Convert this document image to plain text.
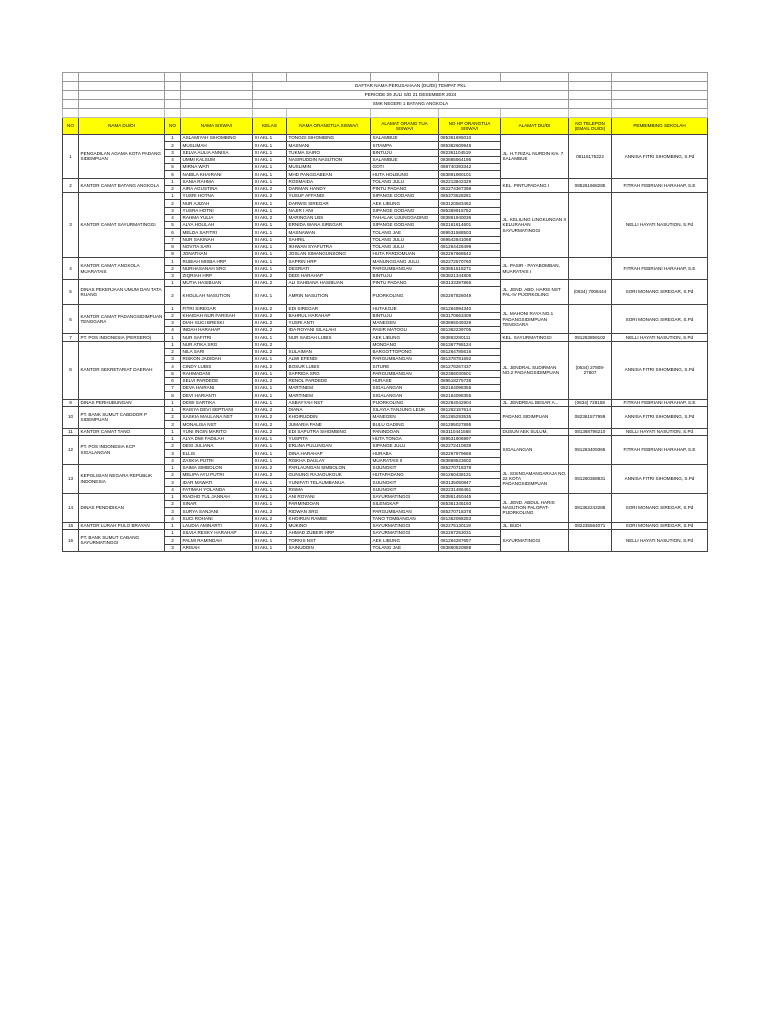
				DAFTAR NAMA PERUSAHAAN (DU/DI) TEMPAT PKL						
				PERIODE 29 JULI S/D 21 DESEMBER 2024						
				SMK NEGERI 1 BATANG ANGKOLA						

NO	NAMA DU/DI	NO	NAMA SISWA/I	KELAS	NAMA ORANGTUA SISWA/I	ALAMAT ORANG TUA SISWA/I	NO HP ORANGTUA SISWA/I	ALAMAT DU/DI	NO TELEPON (EMAIL DU/DI)	PEMBIMBING SEKOLAH
1	PENGADILAN AGAMA KOTA PADANG SIDEMPUAN	1	ASLAMIYAH SIHOMBING	XI AKL 1	TONGGI SIHOMBING	SALAMBUE	085361695010	JL. H.T.RIZAL NURDIN Km. 7 SALAMBUE	08116175222	ANNISA FITRI SIHOMBING, S.Pd
		2	MUSLIMAH	XI AKL 1	MASNANI	SITAMPA	085362609948			
		3	SELVA AULIA ANNISA	XI AKL 1	TUKMA SAIRO	BINTUJU	082361104519			
		4	UMMI KALSUM	XI AKL 1	NASIRUDDIN NASUTION	SALAMBUE	083865564195			
		5	MIRNA WATI	XI AKL 1	MUSLIMIN	GOTI	088740393342			
		6	NABILA KHAIRANI	XI AKL 1	MHD PANGGABEAN	HUTA HOLBUNG	083891980101			
2	KANTOR CAMAT BATANG ANGKOLA	1	SANIA RAHMA	XI AKL 1	ROSMAIDA	TOLANG JULU	082213842329	KEL. PINTUPADANG I	085261668285	FITRAH FEBRIANI HARAHAP, S.E
		2	AIRA AGUSTINA	XI AKL 2	DARMAN HANDY	PINTU PADANG	082274367398			
3	KANTOR CAMAT SAYURMATINGGI	1	YUSRI HOTNA	XI AKL 2	YUSUF AFFANDI	SIPANGE GODANG	085373628281	JL. KELILING LINGKUNGAN II KELURAHAN SAYURMATINGGI		NELLI HAYATI NASUTION, S.Pd
		2	NUR AJIZAH	XI AKL 1	DARWIS SIREGAR	AEK LIBUNG	083120583462			
		3	YUSRA HOTNI	XI AKL 1	NAJIR I ANI	SIPANGE GODANG	085369915752			
		4	RAHMA YULIA	XI AKL 2	MARINGAN LBS	TAHALAK UJUNGGADING	083861940036			
		5	ALYA HOLILAH	XI AKL 1	ERNIDA WANA SIREGAR	SIPANGE GODANG	082161614601			
		6	MELDA SAFITRI	XI AKL 1	MASNAWAN	TOLANG JAE	089531588503			
		7	NUR SAKINAH	XI AKL 1	SAHRIL	TOLANG JULU	089542841068			
		8	NOVITA SARI	XI AKL 1	IKHWAN SYAFUTRA	TOLANG JULU	081264428499			
		9	JONATHAN	XI AKL 1	JOSLAN SIMANGUNSONG	HUTA PARDOMUAN	082267968542			
4	KANTOR CAMAT ANGKOLA MUARATAIS	1	RUBIAH MISBA HRP	XI AKL 1	SAPRIN HRP	MANUNGGANG JULU	082272570760	JL. PASIR - PAYABOMBAN, MUARATAIS I		FITRAH FEBRIANI HARAHAP, S.E
		2	NURHASANAH SRG	XI AKL 1	DESRIATI	PARGUMBANGAN	083851518271			
		3	ZIQRIAH HRP	XI AKL 2	DEDI HARAHAP	BINTUJU	083821344805			
5	DINAS PEKERJAAN UMUM DAN TATA RUANG	1	MUTIA HASIBUAN	XI AKL 2	ALI SAHBANA HASIBUAN	PINTU PADANG	083133397865	JL. JEND. ABD. HARIS NST PAL-IV PIJORKOLING	(0634) 7008444	SORI MONANG SIREGAR, S.Pd
		2	KHOLILAH NASUTION	XI AKL 1	AMRIN NASUTION	PIJORKOLING	082267826049			
6	KANTOR CAMAT PADANGSIDIMPUAN TENGGARA	1	FITRI SIREGAR	XI AKL 2	EDI SIREGAR	HUTAKOJE	081264994340	JL. MAHONI RAYA NO.1 PADANGSIDIMPUAN TENGGARA		SORI MONANG SIREGAR, S.Pd
		2	KHAIDAH NUR FARISAH	XI AKL 2	BAHRUL HARAHAP	BINTUJU	083170663409			
		3	DIAH SUCI BRESKI	XI AKL 2	YUSRI ANTI	MANEGEN	083865049329			
		4	INDAH HARAHAP	XI AKL 2	IDA ROYANI SILALAHI	PASIR MATOGU	081362239705			
7	PT. POS INDONESIA (PERSERO)	1	NUR SAFITRI	XI AKL 1	NUR SAIDAH LUBIS	AEK LIBUNG	083863280111	KEL. SAYURMATINGGI	081263859102	NELLI HAYATI NASUTION, S.Pd
8	KANTOR SEKRETARIAT DAERAH	1	NUR ATIKA SRG	XI AKL 2		MONDANG	081367795124	JL. JENDRAL SUDIRMAN NO.2 PADANGSIDIMPUAN	(0634) 27808-27807	ANNISA FITRI SIHOMBING, S.Pd
		2	NILA SARI	XI AKL 2	SULAIMAN	BARGOTTOPONG	081264785616			
		3	RISKON JADIDAH	XI AKL 1	ALWI EFENDI	PARGUMBANGAN	081378781692			
		4	CINDY LUBIS	XI AKL 2	BOSUR LUBIS	SITURE	081276267437			
		5	RAHMADANI	XI AKL 1	SAPRIDA SRG	PARGUMBANGAN	082366030501			
		6	SELVI PARDEDE	XI AKL 2	RENOL PARDEDE	HURASE	089518275738			
		7	DEVA HAIRANI	XI AKL 1	MARTINEM	SIGALANGAN	082164098355			
		8	DEVI HARIANTI	XI AKL 1	MARTINEM	SIGALANGAN	082164098355			
9	DINAS PERHUBUNGAN	1	DEWI SARTIKA	XI AKL 1	ASBAYYAH NST	PIJORKOLING	082284042904	JL. JENDREAL BESAR A...	(0634) 728158	FITRAH FEBRIANI HARAHAP, S.E
10	PT. BANK SUMUT CABDDOR P SIDEMPUAN	1	RAISYA DEVI SEPTIANI	XI AKL 2	DIANA	SILAYIA TANJUNG LEUK	081262157614	PADANG SIDIMPUAN	082361577959	ANNISA FITRI SIHOMBING, S.Pd
		2	SASKIA MAULANA NST	XI AKL 2	KHOIRUDDIN	MANEGEN	081265293535			
		3	MONALISA NST	XI AKL 2	JUMARIA PANE	BULU GADING	081295027895			
11	KANTOR CAMAT TANO	1	YUNI INGIN MARITO	XI AKL 2	EDI SAPUTRA SIHOMBING	PANINDOAN	083110441568	DUSUN AEK SULUM,	081368796210	NELLI HAYATI NASUTION, S.Pd
12	PT. POS INDONESIA KCP SIGALANGAN	1	ALYA DWI FADILAH	XI AKL 1	YUSPITA	HUTA TONGA	089531906997	SIGALANGAN	081263409365	FITRAH FEBRIANI HARAHAP, S.E
		2	DESI JULIANA	XI AKL 1	ERLINA PULUNGAN	SIPANGE JULU	082272410839			
		3	ELLIS	XI AKL 1	DINA HARAHAP	HURABA	082267979668			
		4	ZASKIA PUTRI	XI AKL 1	RISKHA DAULAY	MUARATAIS II	083869523602			
13	KEPOLISIAN NEGARA REPUBLIK INDONESIA	1	SAIMA SIMBOLON	XI AKL 2	PARLAUNGAN SIMBOLON	SIJUNGKIT	085270718378	JL. SISINGAMANGARAJA NO. 22 KOTA PADANGSIDIMPUAN	081260368831	ANNISA FITRI SIHOMBING, S.Pd
		2	MELIPA AYU PUTRI	XI AKL 2	GUNUNG RAJAGUKGUK	HUTAPADANG	081260438131			
		3	IDAR MAWATI	XI AKL 1	YUNIFATI TELAUMBANUA	SIJUNGKIT	083135050847			
		4	FATIMAH YOLANDA	XI AKL 1	RISMA	SIJUNGKIT	082231486461			
14	DINAS PENDIDIKAN	1	RIADHO TUL JANNAH	XI AKL 1	ANI ROYANI	SAYURMATINGGI	083861450445	JL. JEND. ABDUL HARIS NASUTION PALOPAT-PIJORKOLING	081362242288	SORI MONANG SIREGAR, S.Pd
		2	SINAR	XI AKL 1	PARMINDOAN	SILENGKAP	085361345193			
		3	SURYA SANJANI	XI AKL 2	RIDWAN SRG	PARGUMBANGAN	085270718378			
		4	SUCI ROHANI	XI AKL 2	KHOIRUN RAMBE	TANO TOMBANGAN	081362098253			
15	KANTOR LURAH PULO BRAYAN	1	LAUDIA AMINARTI	XI AKL 2	MUKINO	SAYURMATINGGI	082275130119	JL. BUDI	082235564071	SORI MONANG SIREGAR, S.Pd
16	PT. BANK SUMUT CABANG SAYURMATINGGI	1	SILVIA RESKY HARAHAP	XI AKL 2	AHMAD ZUBEIR HRP	SAYURMATINGGI	082267253031	SAYURMATINGGI		NELLI HAYATI NASUTION, S.Pd
		2	PALMI RAMINDAH	XI AKL 1	TORKIS NST	AEK LIBUNG	081264287657			
		3	ARISAH	XI AKL 1	SAINUDDIN	TOLANG JAE	083860520888			
